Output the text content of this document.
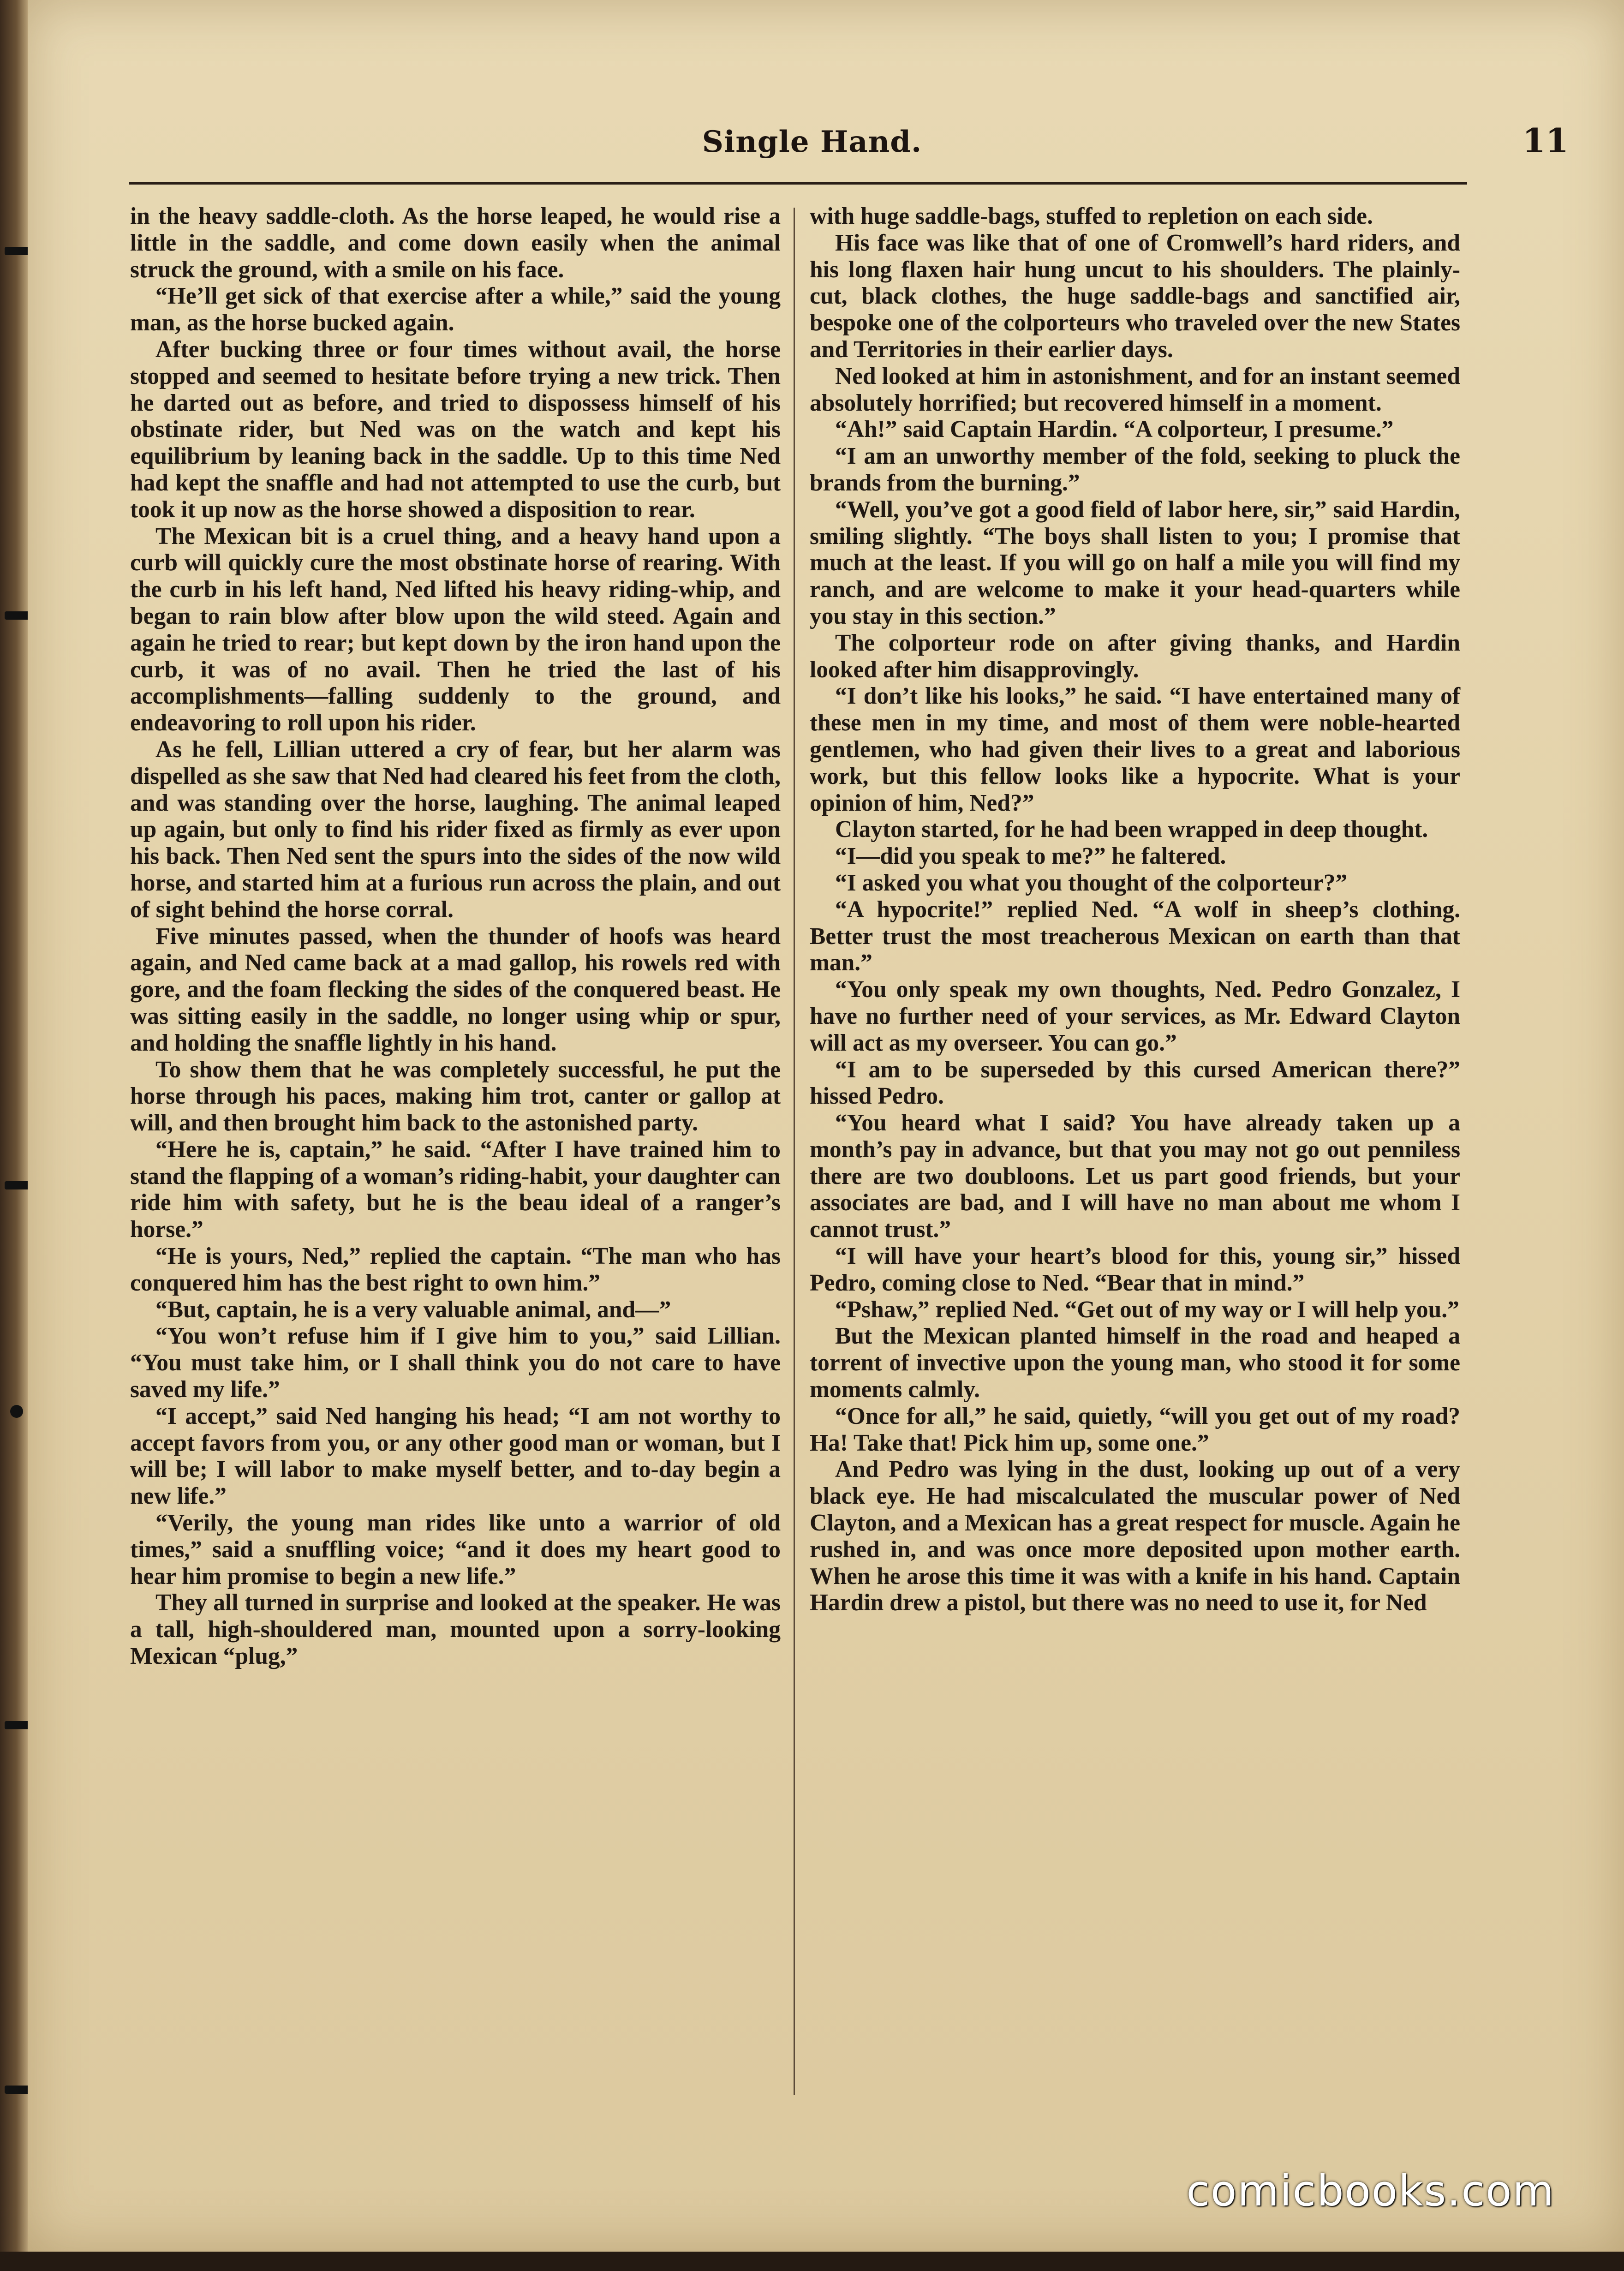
Single Hand.	11

in the heavy saddle-cloth. As the horse leaped, he would rise a little in the saddle, and come down easily when the animal struck the ground, with a smile on his face.

“He’ll get sick of that exercise after a while,” said the young man, as the horse bucked again.

After bucking three or four times without avail, the horse stopped and seemed to hesitate before trying a new trick. Then he darted out as before, and tried to dispossess himself of his obstinate rider, but Ned was on the watch and kept his equilibrium by leaning back in the saddle. Up to this time Ned had kept the snaffle and had not attempted to use the curb, but took it up now as the horse showed a disposition to rear.

The Mexican bit is a cruel thing, and a heavy hand upon a curb will quickly cure the most obstinate horse of rearing. With the curb in his left hand, Ned lifted his heavy riding-whip, and began to rain blow after blow upon the wild steed. Again and again he tried to rear; but kept down by the iron hand upon the curb, it was of no avail. Then he tried the last of his accomplishments—falling suddenly to the ground, and endeavoring to roll upon his rider.

As he fell, Lillian uttered a cry of fear, but her alarm was dispelled as she saw that Ned had cleared his feet from the cloth, and was standing over the horse, laughing. The animal leaped up again, but only to find his rider fixed as firmly as ever upon his back. Then Ned sent the spurs into the sides of the now wild horse, and started him at a furious run across the plain, and out of sight behind the horse corral.

Five minutes passed, when the thunder of hoofs was heard again, and Ned came back at a mad gallop, his rowels red with gore, and the foam flecking the sides of the conquered beast. He was sitting easily in the saddle, no longer using whip or spur, and holding the snaffle lightly in his hand.

To show them that he was completely successful, he put the horse through his paces, making him trot, canter or gallop at will, and then brought him back to the astonished party.

“Here he is, captain,” he said. “After I have trained him to stand the flapping of a woman’s riding-habit, your daughter can ride him with safety, but he is the beau ideal of a ranger’s horse.”

“He is yours, Ned,” replied the captain. “The man who has conquered him has the best right to own him.”

“But, captain, he is a very valuable animal, and—”

“You won’t refuse him if I give him to you,” said Lillian. “You must take him, or I shall think you do not care to have saved my life.”

“I accept,” said Ned hanging his head; “I am not worthy to accept favors from you, or any other good man or woman, but I will be; I will labor to make myself better, and to-day begin a new life.”

“Verily, the young man rides like unto a warrior of old times,” said a snuffling voice; “and it does my heart good to hear him promise to begin a new life.”

They all turned in surprise and looked at the speaker. He was a tall, high-shouldered man, mounted upon a sorry-looking Mexican “plug,”

with huge saddle-bags, stuffed to repletion on each side.

His face was like that of one of Cromwell’s hard riders, and his long flaxen hair hung uncut to his shoulders. The plainly-cut, black clothes, the huge saddle-bags and sanctified air, bespoke one of the colporteurs who traveled over the new States and Territories in their earlier days.

Ned looked at him in astonishment, and for an instant seemed absolutely horrified; but recovered himself in a moment.

“Ah!” said Captain Hardin. “A colporteur, I presume.”

“I am an unworthy member of the fold, seeking to pluck the brands from the burning.”

“Well, you’ve got a good field of labor here, sir,” said Hardin, smiling slightly. “The boys shall listen to you; I promise that much at the least. If you will go on half a mile you will find my ranch, and are welcome to make it your head-quarters while you stay in this section.”

The colporteur rode on after giving thanks, and Hardin looked after him disapprovingly.

“I don’t like his looks,” he said. “I have entertained many of these men in my time, and most of them were noble-hearted gentlemen, who had given their lives to a great and laborious work, but this fellow looks like a hypocrite. What is your opinion of him, Ned?”

Clayton started, for he had been wrapped in deep thought.

“I—did you speak to me?” he faltered.

“I asked you what you thought of the colporteur?”

“A hypocrite!” replied Ned. “A wolf in sheep’s clothing. Better trust the most treacherous Mexican on earth than that man.”

“You only speak my own thoughts, Ned. Pedro Gonzalez, I have no further need of your services, as Mr. Edward Clayton will act as my overseer. You can go.”

“I am to be superseded by this cursed American there?” hissed Pedro.

“You heard what I said? You have already taken up a month’s pay in advance, but that you may not go out penniless there are two doubloons. Let us part good friends, but your associates are bad, and I will have no man about me whom I cannot trust.”

“I will have your heart’s blood for this, young sir,” hissed Pedro, coming close to Ned. “Bear that in mind.”

“Pshaw,” replied Ned. “Get out of my way or I will help you.”

But the Mexican planted himself in the road and heaped a torrent of invective upon the young man, who stood it for some moments calmly.

“Once for all,” he said, quietly, “will you get out of my road? Ha! Take that! Pick him up, some one.”

And Pedro was lying in the dust, looking up out of a very black eye. He had miscalculated the muscular power of Ned Clayton, and a Mexican has a great respect for muscle. Again he rushed in, and was once more deposited upon mother earth. When he arose this time it was with a knife in his hand. Captain Hardin drew a pistol, but there was no need to use it, for Ned

comicbooks.com
